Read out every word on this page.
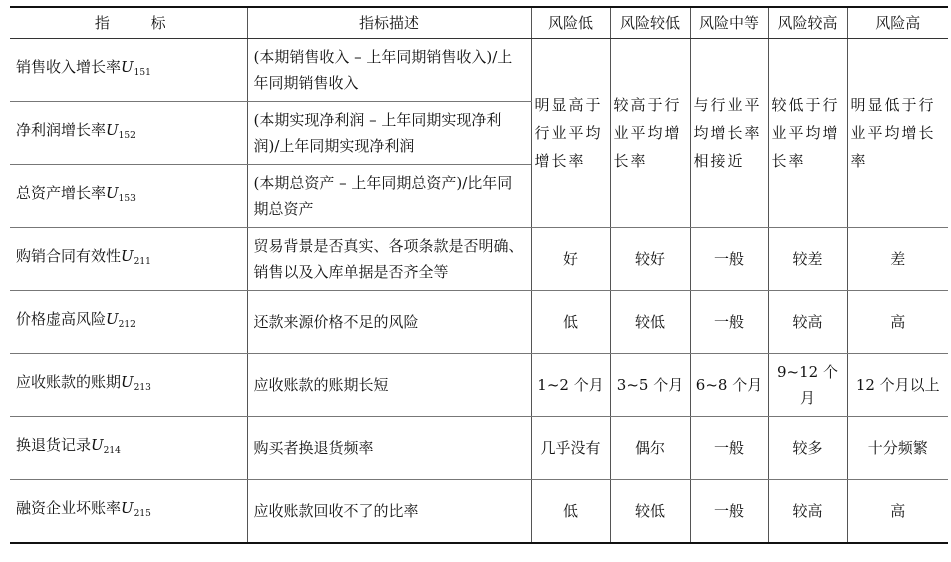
指 标	指标描述	风险低	风险较低	风险中等	风险较高	风险高
销售收入增长率$U_{151}$	(本期销售收入 – 上年同期销售收入)/上年同期销售收入	明显高于行业平均增长率	较高于行业平均增长率	与行业平均增长率相接近	较低于行业平均增长率	明显低于行业平均增长率
净利润增长率$U_{152}$	(本期实现净利润 – 上年同期实现净利润)/上年同期实现净利润					
总资产增长率$U_{153}$	(本期总资产 – 上年同期总资产)/比年同期总资产					
购销合同有效性$U_{211}$	贸易背景是否真实、各项条款是否明确、销售以及入库单据是否齐全等	好	较好	一般	较差	差
价格虚高风险$U_{212}$	还款来源价格不足的风险	低	较低	一般	较高	高
应收账款的账期$U_{213}$	应收账款的账期长短	1~2 个月	3~5 个月	6~8 个月	9~12 个月	12 个月以上
换退货记录$U_{214}$	购买者换退货频率	几乎没有	偶尔	一般	较多	十分频繁
融资企业坏账率$U_{215}$	应收账款回收不了的比率	低	较低	一般	较高	高
